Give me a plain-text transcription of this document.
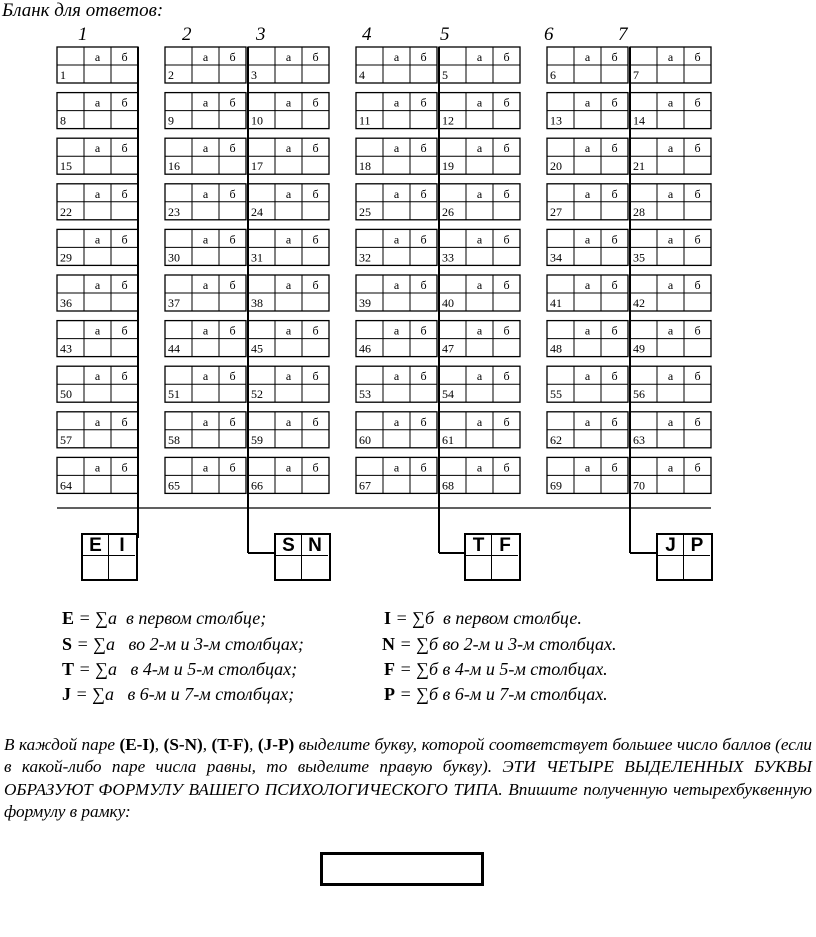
Бланк для ответов:
1	2	3	4	5	6	7
а б
1
а б
2
а б
3
а б
4
а б
5
а б
6
а б
7
а б
8
а б
9
а б
10
а б
11
а б
12
а б
13
а б
14
а б
15
а б
16
а б
17
а б
18
а б
19
а б
20
а б
21
а б
22
а б
23
а б
24
а б
25
а б
26
а б
27
а б
28
а б
29
а б
30
а б
31
а б
32
а б
33
а б
34
а б
35
а б
36
а б
37
а б
38
а б
39
а б
40
а б
41
а б
42
а б
43
а б
44
а б
45
а б
46
а б
47
а б
48
а б
49
а б
50
а б
51
а б
52
а б
53
а б
54
а б
55
а б
56
а б
57
а б
58
а б
59
а б
60
а б
61
а б
62
а б
63
а б
64
а б
65
а б
66
а б
67
а б
68
а б
69
а б
70
E I	S N	T F	J P
E = ∑а в первом столбце;
S = ∑а во 2-м и 3-м столбцах;
T = ∑а в 4-м и 5-м столбцах;
J = ∑а в 6-м и 7-м столбцах;
I = ∑б в первом столбце.
N = ∑б во 2-м и 3-м столбцах.
F = ∑б в 4-м и 5-м столбцах.
P = ∑б в 6-м и 7-м столбцах.
В каждой паре (E-I), (S-N), (T-F), (J-P) выделите букву, которой соответствует большее число баллов (если в какой-либо паре числа равны, то выделите правую букву). ЭТИ ЧЕТЫРЕ ВЫДЕЛЕННЫХ БУКВЫ ОБРАЗУЮТ ФОРМУЛУ ВАШЕГО ПСИХОЛОГИЧЕСКОГО ТИПА. Впишите полученную четырехбуквенную формулу в рамку:
